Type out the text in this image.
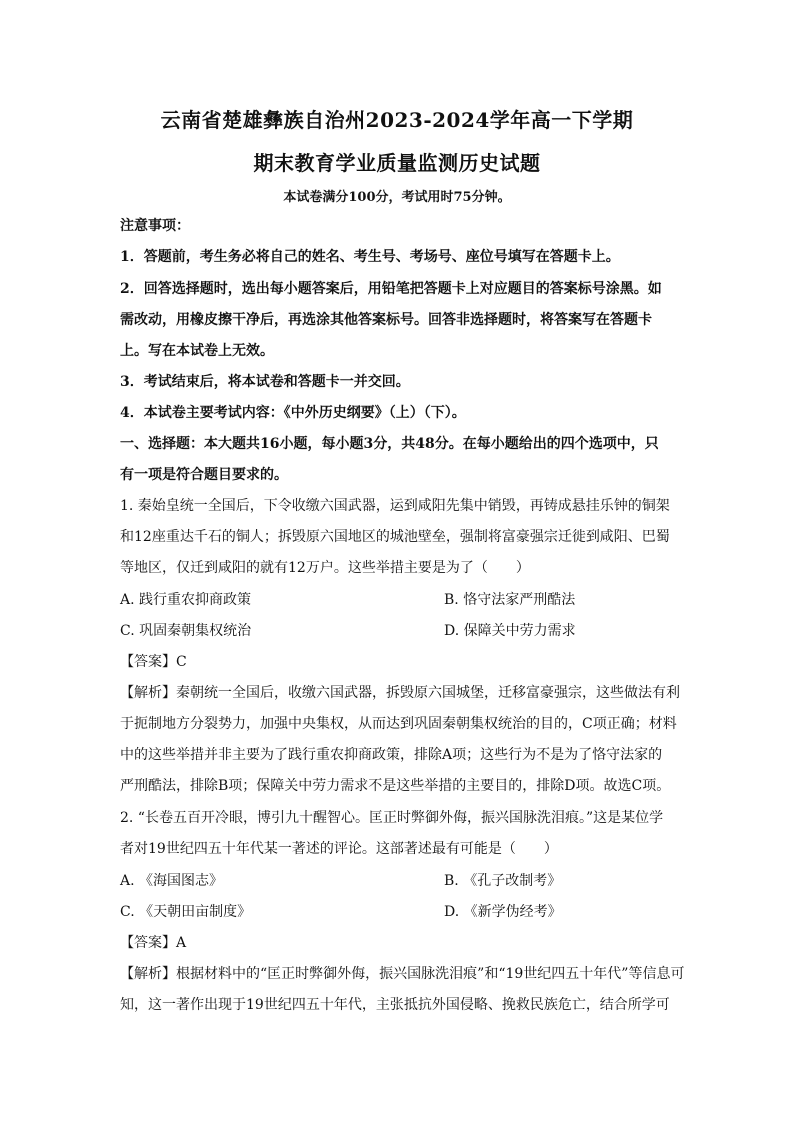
云南省楚雄彝族自治州2023-2024学年高一下学期
期末教育学业质量监测历史试题
本试卷满分100分，考试用时75分钟。
注意事项：
1．答题前，考生务必将自己的姓名、考生号、考场号、座位号填写在答题卡上。
2．回答选择题时，选出每小题答案后，用铅笔把答题卡上对应题目的答案标号涂黑。如
需改动，用橡皮擦干净后，再选涂其他答案标号。回答非选择题时，将答案写在答题卡
上。写在本试卷上无效。
3．考试结束后，将本试卷和答题卡一并交回。
4．本试卷主要考试内容：《中外历史纲要》（上）（下）。
一、选择题：本大题共16小题，每小题3分，共48分。在每小题给出的四个选项中，只
有一项是符合题目要求的。
1. 秦始皇统一全国后，下令收缴六国武器，运到咸阳先集中销毁，再铸成悬挂乐钟的铜架
和12座重达千石的铜人；拆毁原六国地区的城池壁垒，强制将富豪强宗迁徙到咸阳、巴蜀
等地区，仅迁到咸阳的就有12万户。这些举措主要是为了（　　）
A. 践行重农抑商政策	B. 恪守法家严刑酷法
C. 巩固秦朝集权统治	D. 保障关中劳力需求
【答案】C
【解析】秦朝统一全国后，收缴六国武器，拆毁原六国城堡，迁移富豪强宗，这些做法有利
于扼制地方分裂势力，加强中央集权，从而达到巩固秦朝集权统治的目的，C项正确；材料
中的这些举措并非主要为了践行重农抑商政策，排除A项；这些行为不是为了恪守法家的
严刑酷法，排除B项；保障关中劳力需求不是这些举措的主要目的，排除D项。故选C项。
2. “长卷五百开冷眼，博引九十醒智心。匡正时弊御外侮，振兴国脉洗泪痕。”这是某位学
者对19世纪四五十年代某一著述的评论。这部著述最有可能是（　　）
A. 《海国图志》	B. 《孔子改制考》
C. 《天朝田亩制度》	D. 《新学伪经考》
【答案】A
【解析】根据材料中的“匡正时弊御外侮，振兴国脉洗泪痕”和“19世纪四五十年代”等信息可
知，这一著作出现于19世纪四五十年代，主张抵抗外国侵略、挽救民族危亡，结合所学可
